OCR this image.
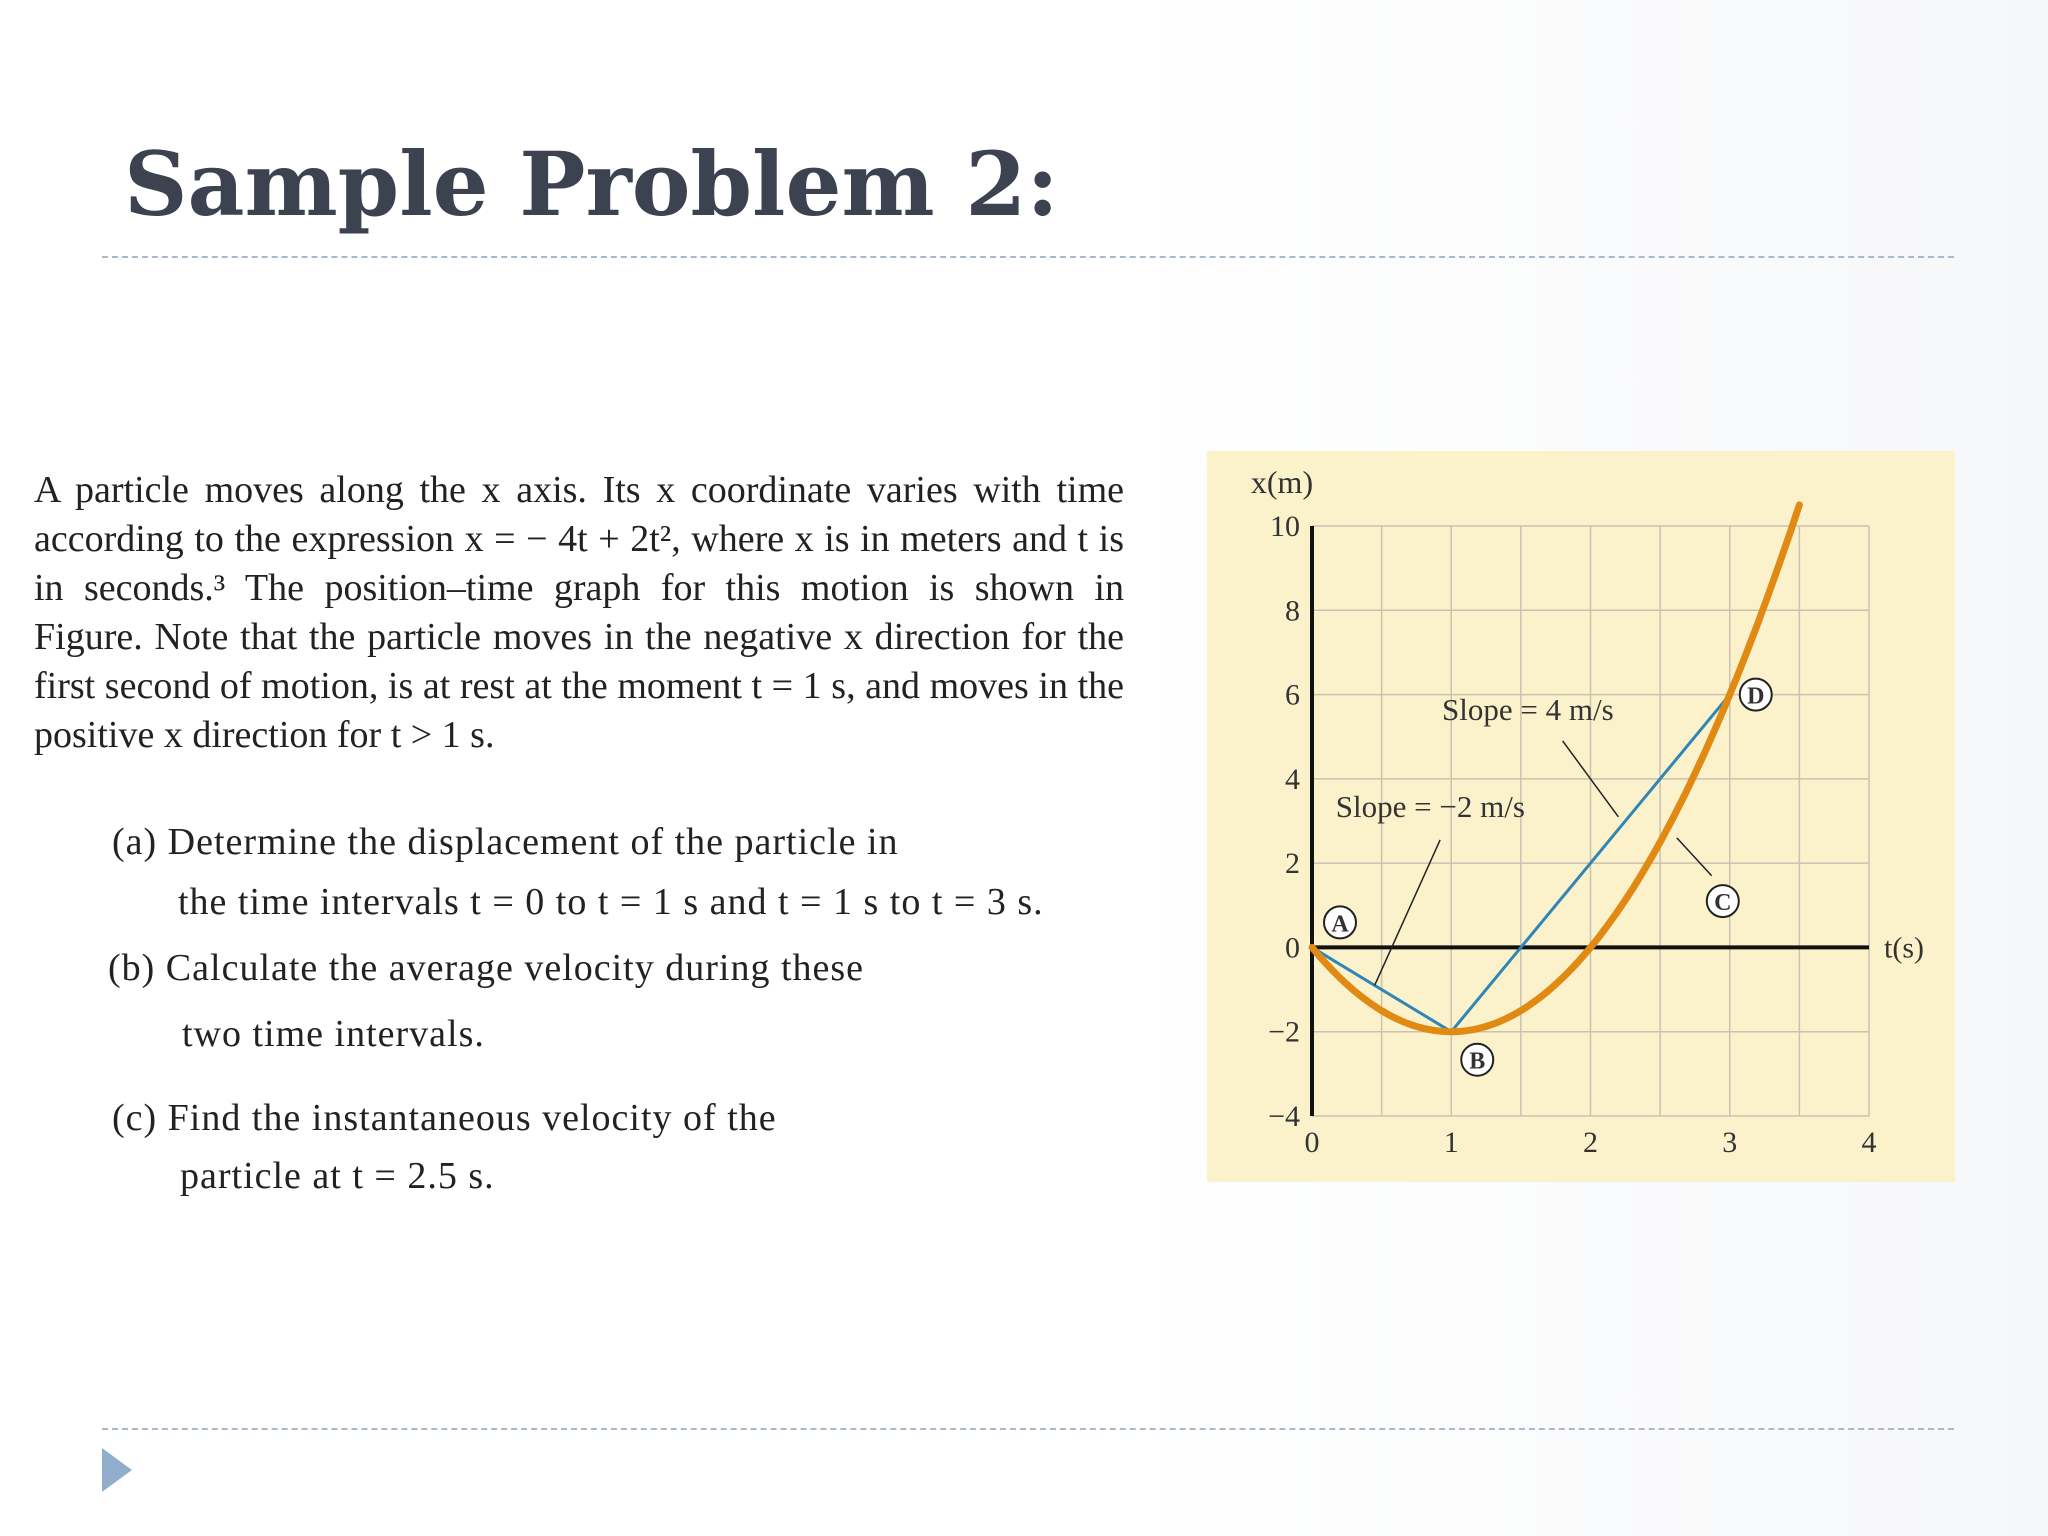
Sample Problem 2:

A particle moves along the x axis. Its x coordinate varies with time according to the expression x = − 4t + 2t², where x is in meters and t is in seconds.³ The position–time graph for this motion is shown in Figure. Note that the particle moves in the negative x direction for the first second of motion, is at rest at the moment t = 1 s, and moves in the positive x direction for t > 1 s.

(a) Determine the displacement of the particle in

the time intervals t = 0 to t = 1 s and t = 1 s to t = 3 s.

(b) Calculate the average velocity during these

two time intervals.

(c) Find the instantaneous velocity of the

particle at t = 2.5 s.

10
8
6
4
2
0
−2
−4
0	1	2	3	4
x(m)
t(s)
A
B
C
D
Slope = 4 m/s
Slope = −2 m/s
